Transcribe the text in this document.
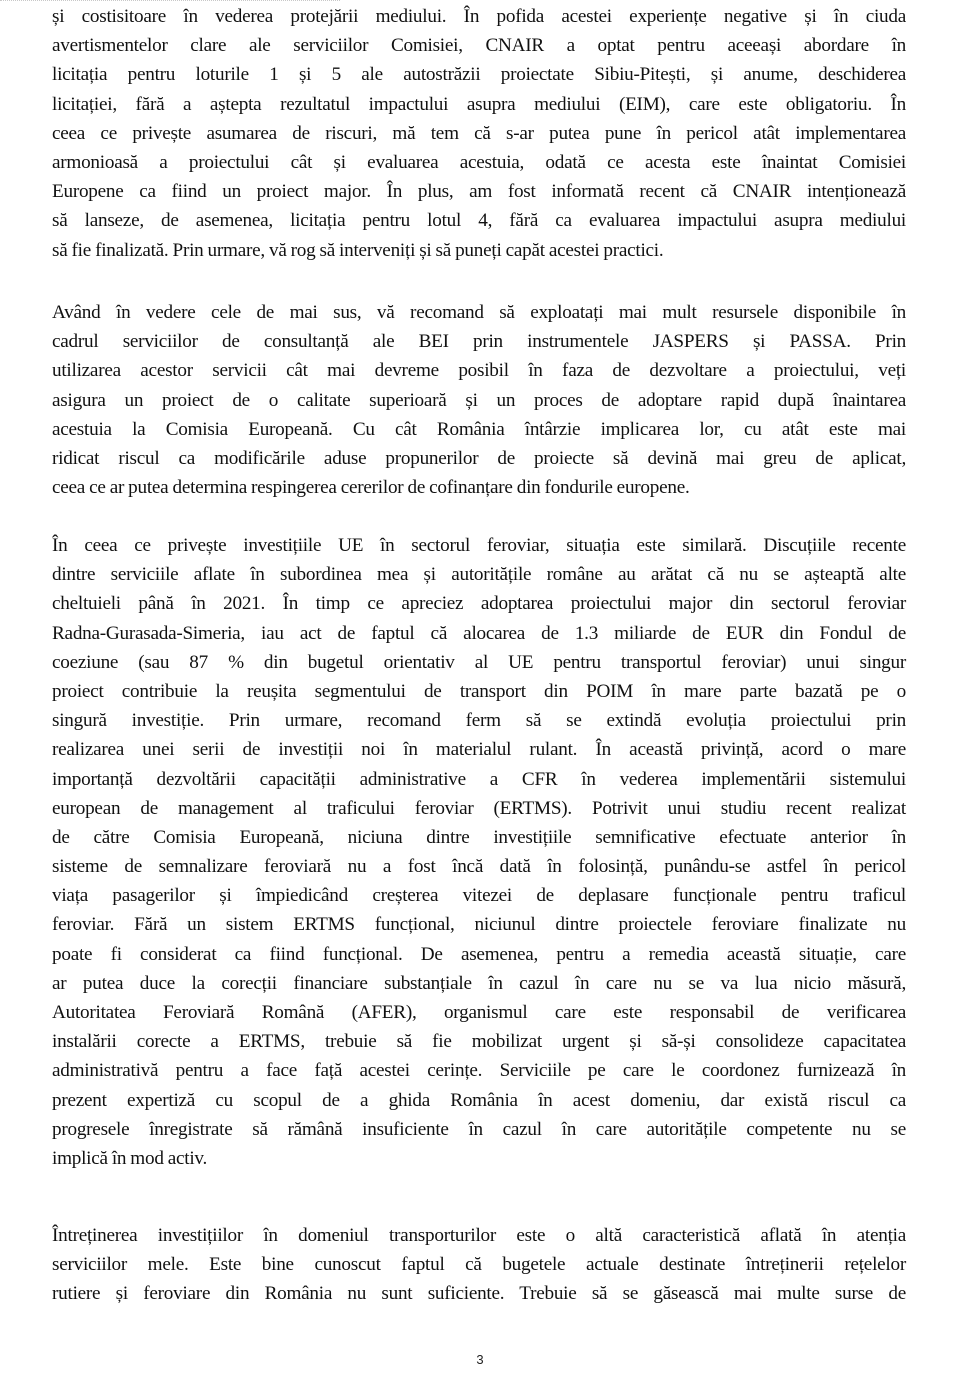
și costisitoare în vederea protejării mediului. În pofida acestei experiențe negative și în ciuda
avertismentelor clare ale serviciilor Comisiei, CNAIR a optat pentru aceeași abordare în
licitația pentru loturile 1 și 5 ale autostrăzii proiectate Sibiu-Pitești, și anume, deschiderea
licitației, fără a aștepta rezultatul impactului asupra mediului (EIM), care este obligatoriu. În
ceea ce privește asumarea de riscuri, mă tem că s-ar putea pune în pericol atât implementarea
armonioasă a proiectului cât și evaluarea acestuia, odată ce acesta este înaintat Comisiei
Europene ca fiind un proiect major. În plus, am fost informată recent că CNAIR intenționează
să lanseze, de asemenea, licitația pentru lotul 4, fără ca evaluarea impactului asupra mediului
să fie finalizată. Prin urmare, vă rog să interveniți și să puneți capăt acestei practici.
Având în vedere cele de mai sus, vă recomand să exploatați mai mult resursele disponibile în
cadrul serviciilor de consultanță ale BEI prin instrumentele JASPERS și PASSA. Prin
utilizarea acestor servicii cât mai devreme posibil în faza de dezvoltare a proiectului, veți
asigura un proiect de o calitate superioară și un proces de adoptare rapid după înaintarea
acestuia la Comisia Europeană. Cu cât România întârzie implicarea lor, cu atât este mai
ridicat riscul ca modificările aduse propunerilor de proiecte să devină mai greu de aplicat,
ceea ce ar putea determina respingerea cererilor de cofinanțare din fondurile europene.
În ceea ce privește investițiile UE în sectorul feroviar, situația este similară. Discuțiile recente
dintre serviciile aflate în subordinea mea și autoritățile române au arătat că nu se așteaptă alte
cheltuieli până în 2021. În timp ce apreciez adoptarea proiectului major din sectorul feroviar
Radna-Gurasada-Simeria, iau act de faptul că alocarea de 1.3 miliarde de EUR din Fondul de
coeziune (sau 87 % din bugetul orientativ al UE pentru transportul feroviar) unui singur
proiect contribuie la reușita segmentului de transport din POIM în mare parte bazată pe o
singură investiție. Prin urmare, recomand ferm să se extindă evoluția proiectului prin
realizarea unei serii de investiții noi în materialul rulant. În această privință, acord o mare
importanță dezvoltării capacității administrative a CFR în vederea implementării sistemului
european de management al traficului feroviar (ERTMS). Potrivit unui studiu recent realizat
de către Comisia Europeană, niciuna dintre investițiile semnificative efectuate anterior în
sisteme de semnalizare feroviară nu a fost încă dată în folosință, punându-se astfel în pericol
viața pasagerilor și împiedicând creșterea vitezei de deplasare funcționale pentru traficul
feroviar. Fără un sistem ERTMS funcțional, niciunul dintre proiectele feroviare finalizate nu
poate fi considerat ca fiind funcțional. De asemenea, pentru a remedia această situație, care
ar putea duce la corecții financiare substanțiale în cazul în care nu se va lua nicio măsură,
Autoritatea Feroviară Română (AFER), organismul care este responsabil de verificarea
instalării corecte a ERTMS, trebuie să fie mobilizat urgent și să-și consolideze capacitatea
administrativă pentru a face față acestei cerințe. Serviciile pe care le coordonez furnizează în
prezent expertiză cu scopul de a ghida România în acest domeniu, dar există riscul ca
progresele înregistrate să rămână insuficiente în cazul în care autoritățile competente nu se
implică în mod activ.
Întreținerea investițiilor în domeniul transporturilor este o altă caracteristică aflată în atenția
serviciilor mele. Este bine cunoscut faptul că bugetele actuale destinate întreținerii rețelelor
rutiere și feroviare din România nu sunt suficiente. Trebuie să se găsească mai multe surse de
3
